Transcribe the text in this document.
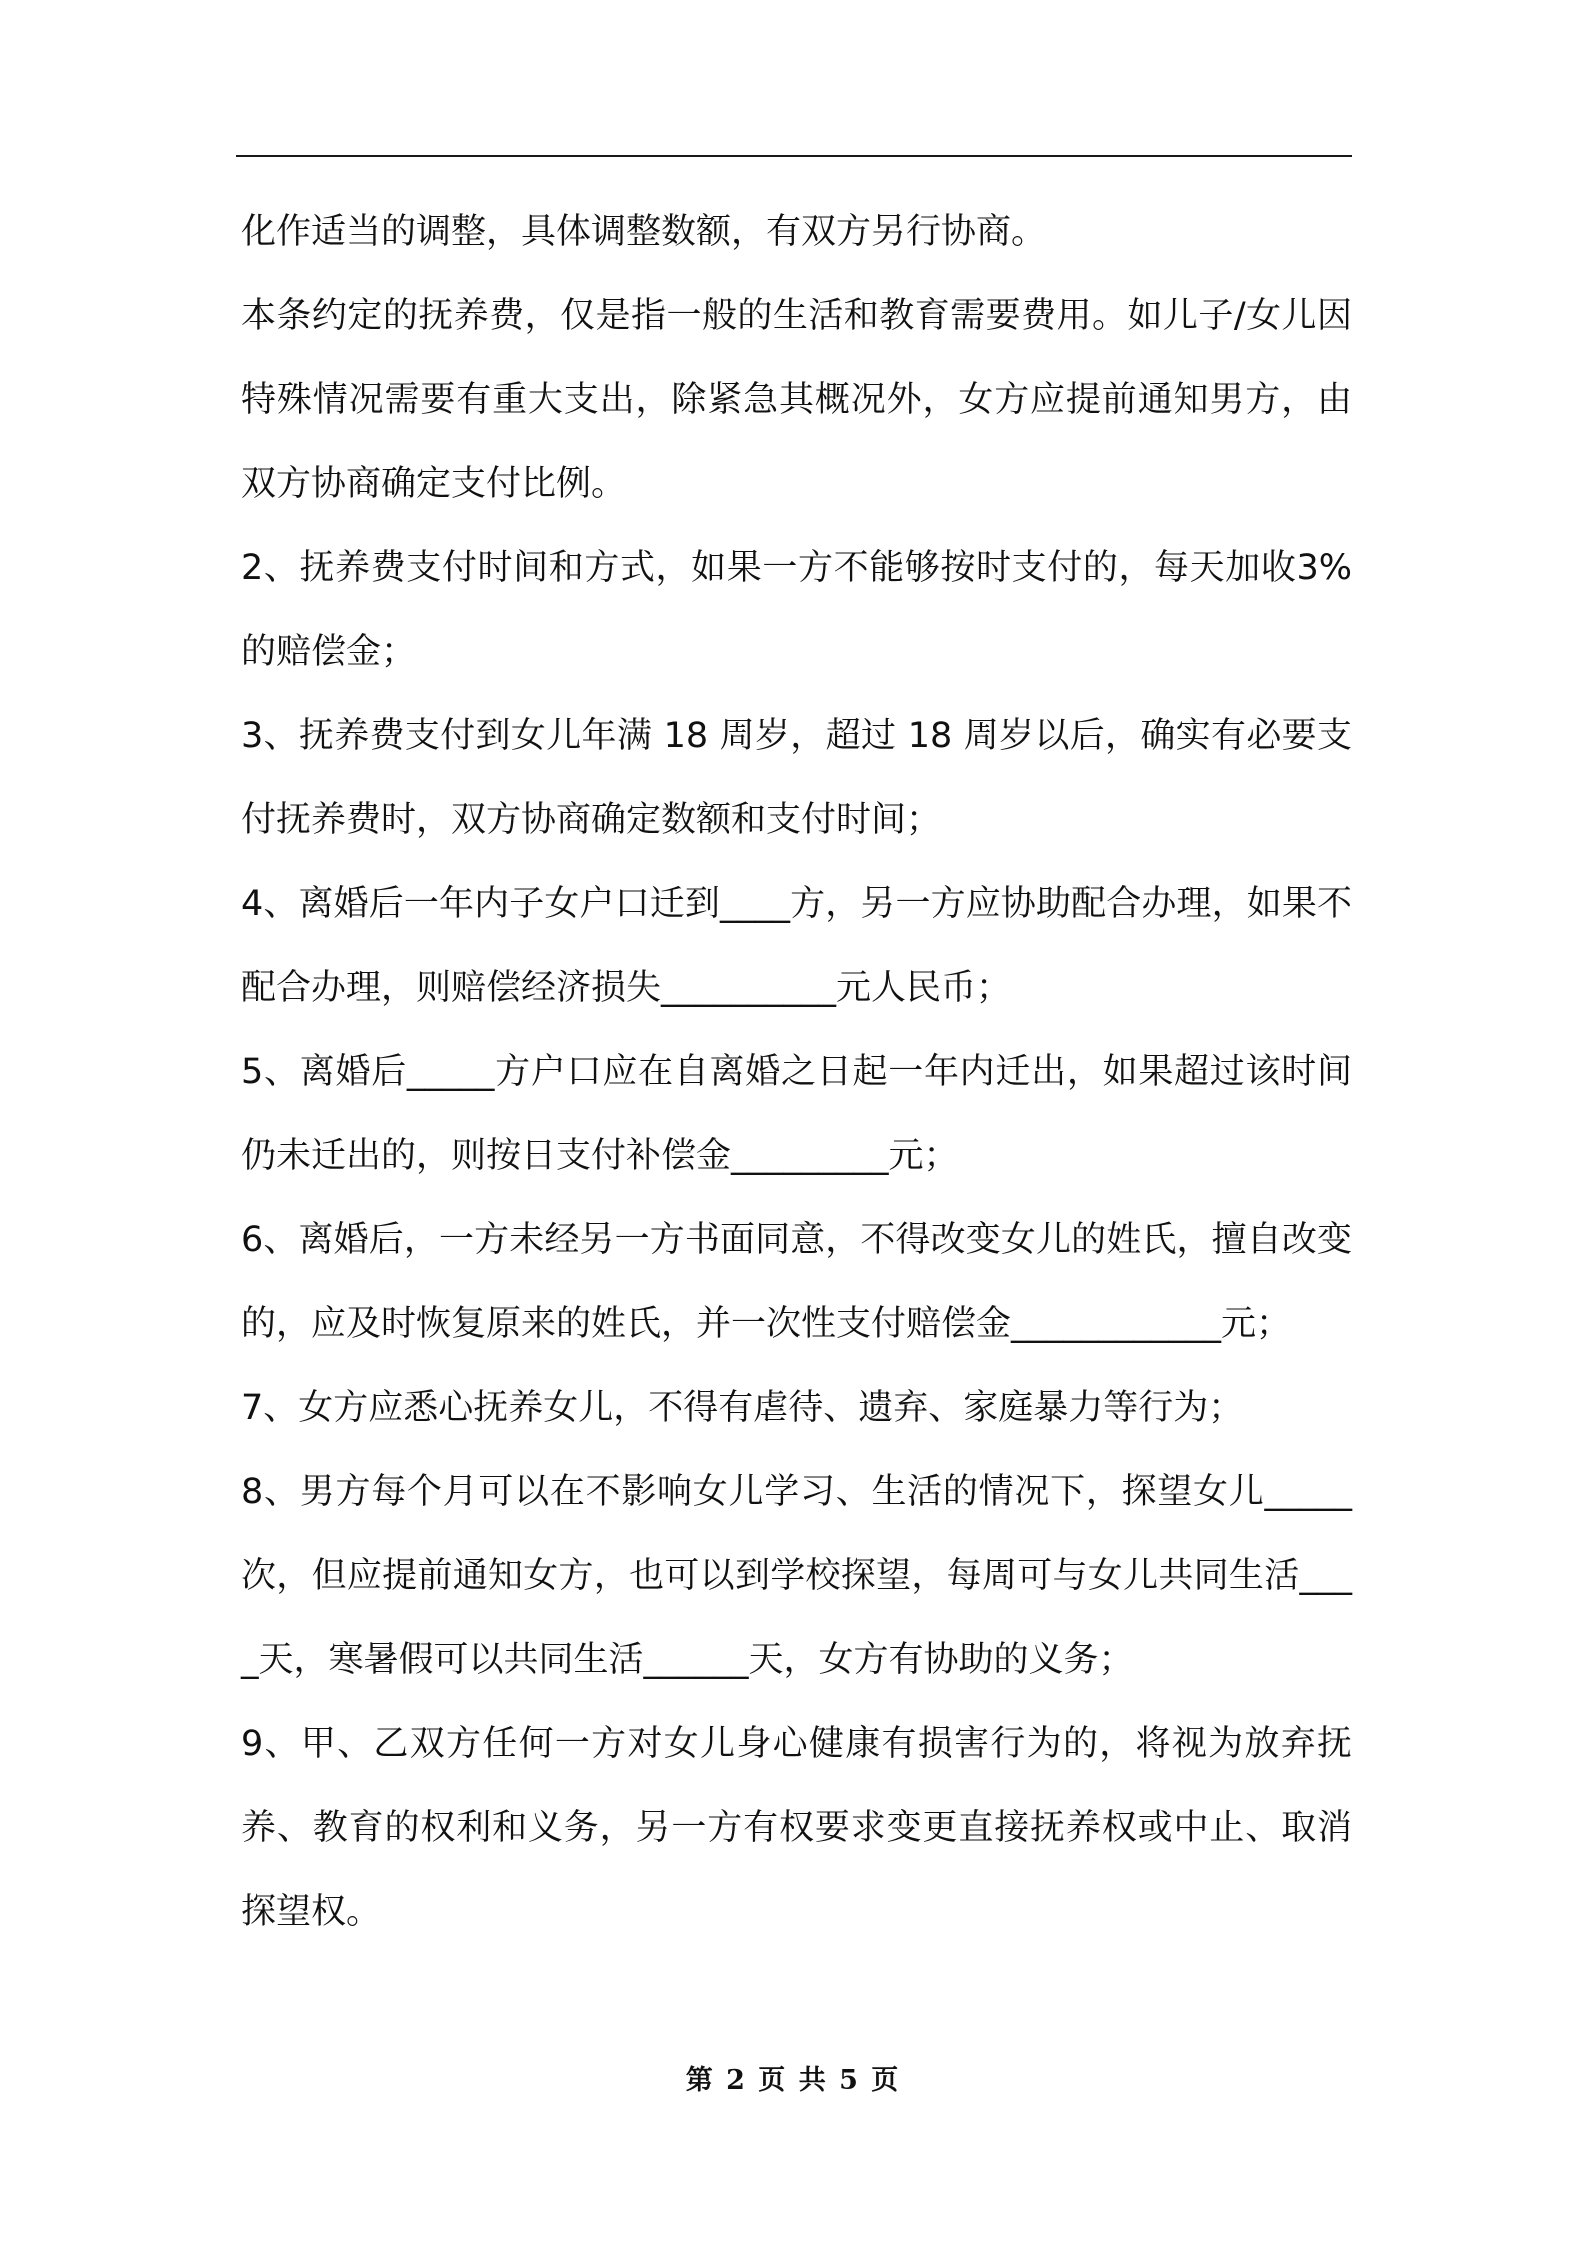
化作适当的调整，具体调整数额，有双方另行协商。

本条约定的抚养费，仅是指一般的生活和教育需要费用。如儿子/女儿因特殊情况需要有重大支出，除紧急其概况外，女方应提前通知男方，由双方协商确定支付比例。

2、抚养费支付时间和方式，如果一方不能够按时支付的，每天加收3%的赔偿金；

3、抚养费支付到女儿年满 18 周岁，超过 18 周岁以后，确实有必要支付抚养费时，双方协商确定数额和支付时间；

4、离婚后一年内子女户口迁到____方，另一方应协助配合办理，如果不配合办理，则赔偿经济损失__________元人民币；

5、离婚后_____方户口应在自离婚之日起一年内迁出，如果超过该时间仍未迁出的，则按日支付补偿金_________元；

6、离婚后，一方未经另一方书面同意，不得改变女儿的姓氏，擅自改变的，应及时恢复原来的姓氏，并一次性支付赔偿金____________元；

7、女方应悉心抚养女儿，不得有虐待、遗弃、家庭暴力等行为；

8、男方每个月可以在不影响女儿学习、生活的情况下，探望女儿_____次，但应提前通知女方，也可以到学校探望，每周可与女儿共同生活____天，寒暑假可以共同生活______天，女方有协助的义务；

9、甲、乙双方任何一方对女儿身心健康有损害行为的，将视为放弃抚养、教育的权利和义务，另一方有权要求变更直接抚养权或中止、取消探望权。

第 2 页 共 5 页
